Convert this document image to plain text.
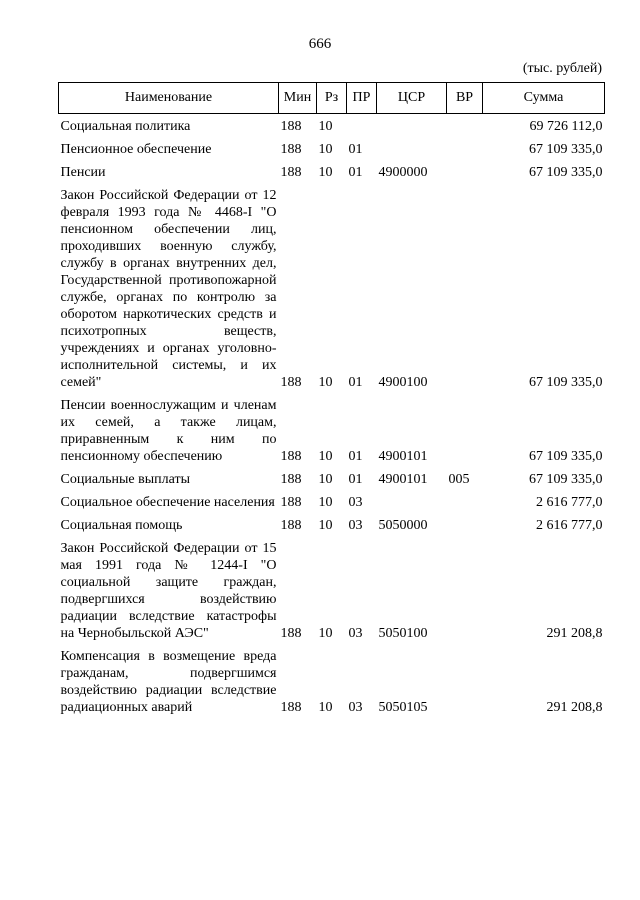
666
(тыс. рублей)
Наименование	Мин	Рз	ПР	ЦСР	ВР	Сумма
Социальная политика	188	10				69 726 112,0
Пенсионное обеспечение	188	10	01			67 109 335,0
Пенсии	188	10	01	4900000		67 109 335,0
Закон Российской Федерации от 12 февраля 1993 года № 4468-I "О пенсионном обеспечении лиц, проходивших военную службу, службу в органах внутренних дел, Государственной противопожарной службе, органах по контролю за оборотом наркотических средств и психотропных веществ, учреждениях и органах уголовно-исполнительной системы, и их семей"	188	10	01	4900100		67 109 335,0
Пенсии военнослужащим и членам их семей, а также лицам, приравненным к ним по пенсионному обеспечению	188	10	01	4900101		67 109 335,0
Социальные выплаты	188	10	01	4900101	005	67 109 335,0
Социальное обеспечение населения	188	10	03			2 616 777,0
Социальная помощь	188	10	03	5050000		2 616 777,0
Закон Российской Федерации от 15 мая 1991 года № 1244-I "О социальной защите граждан, подвергшихся воздействию радиации вследствие катастрофы на Чернобыльской АЭС"	188	10	03	5050100		291 208,8
Компенсация в возмещение вреда гражданам, подвергшимся воздействию радиации вследствие радиационных аварий	188	10	03	5050105		291 208,8
